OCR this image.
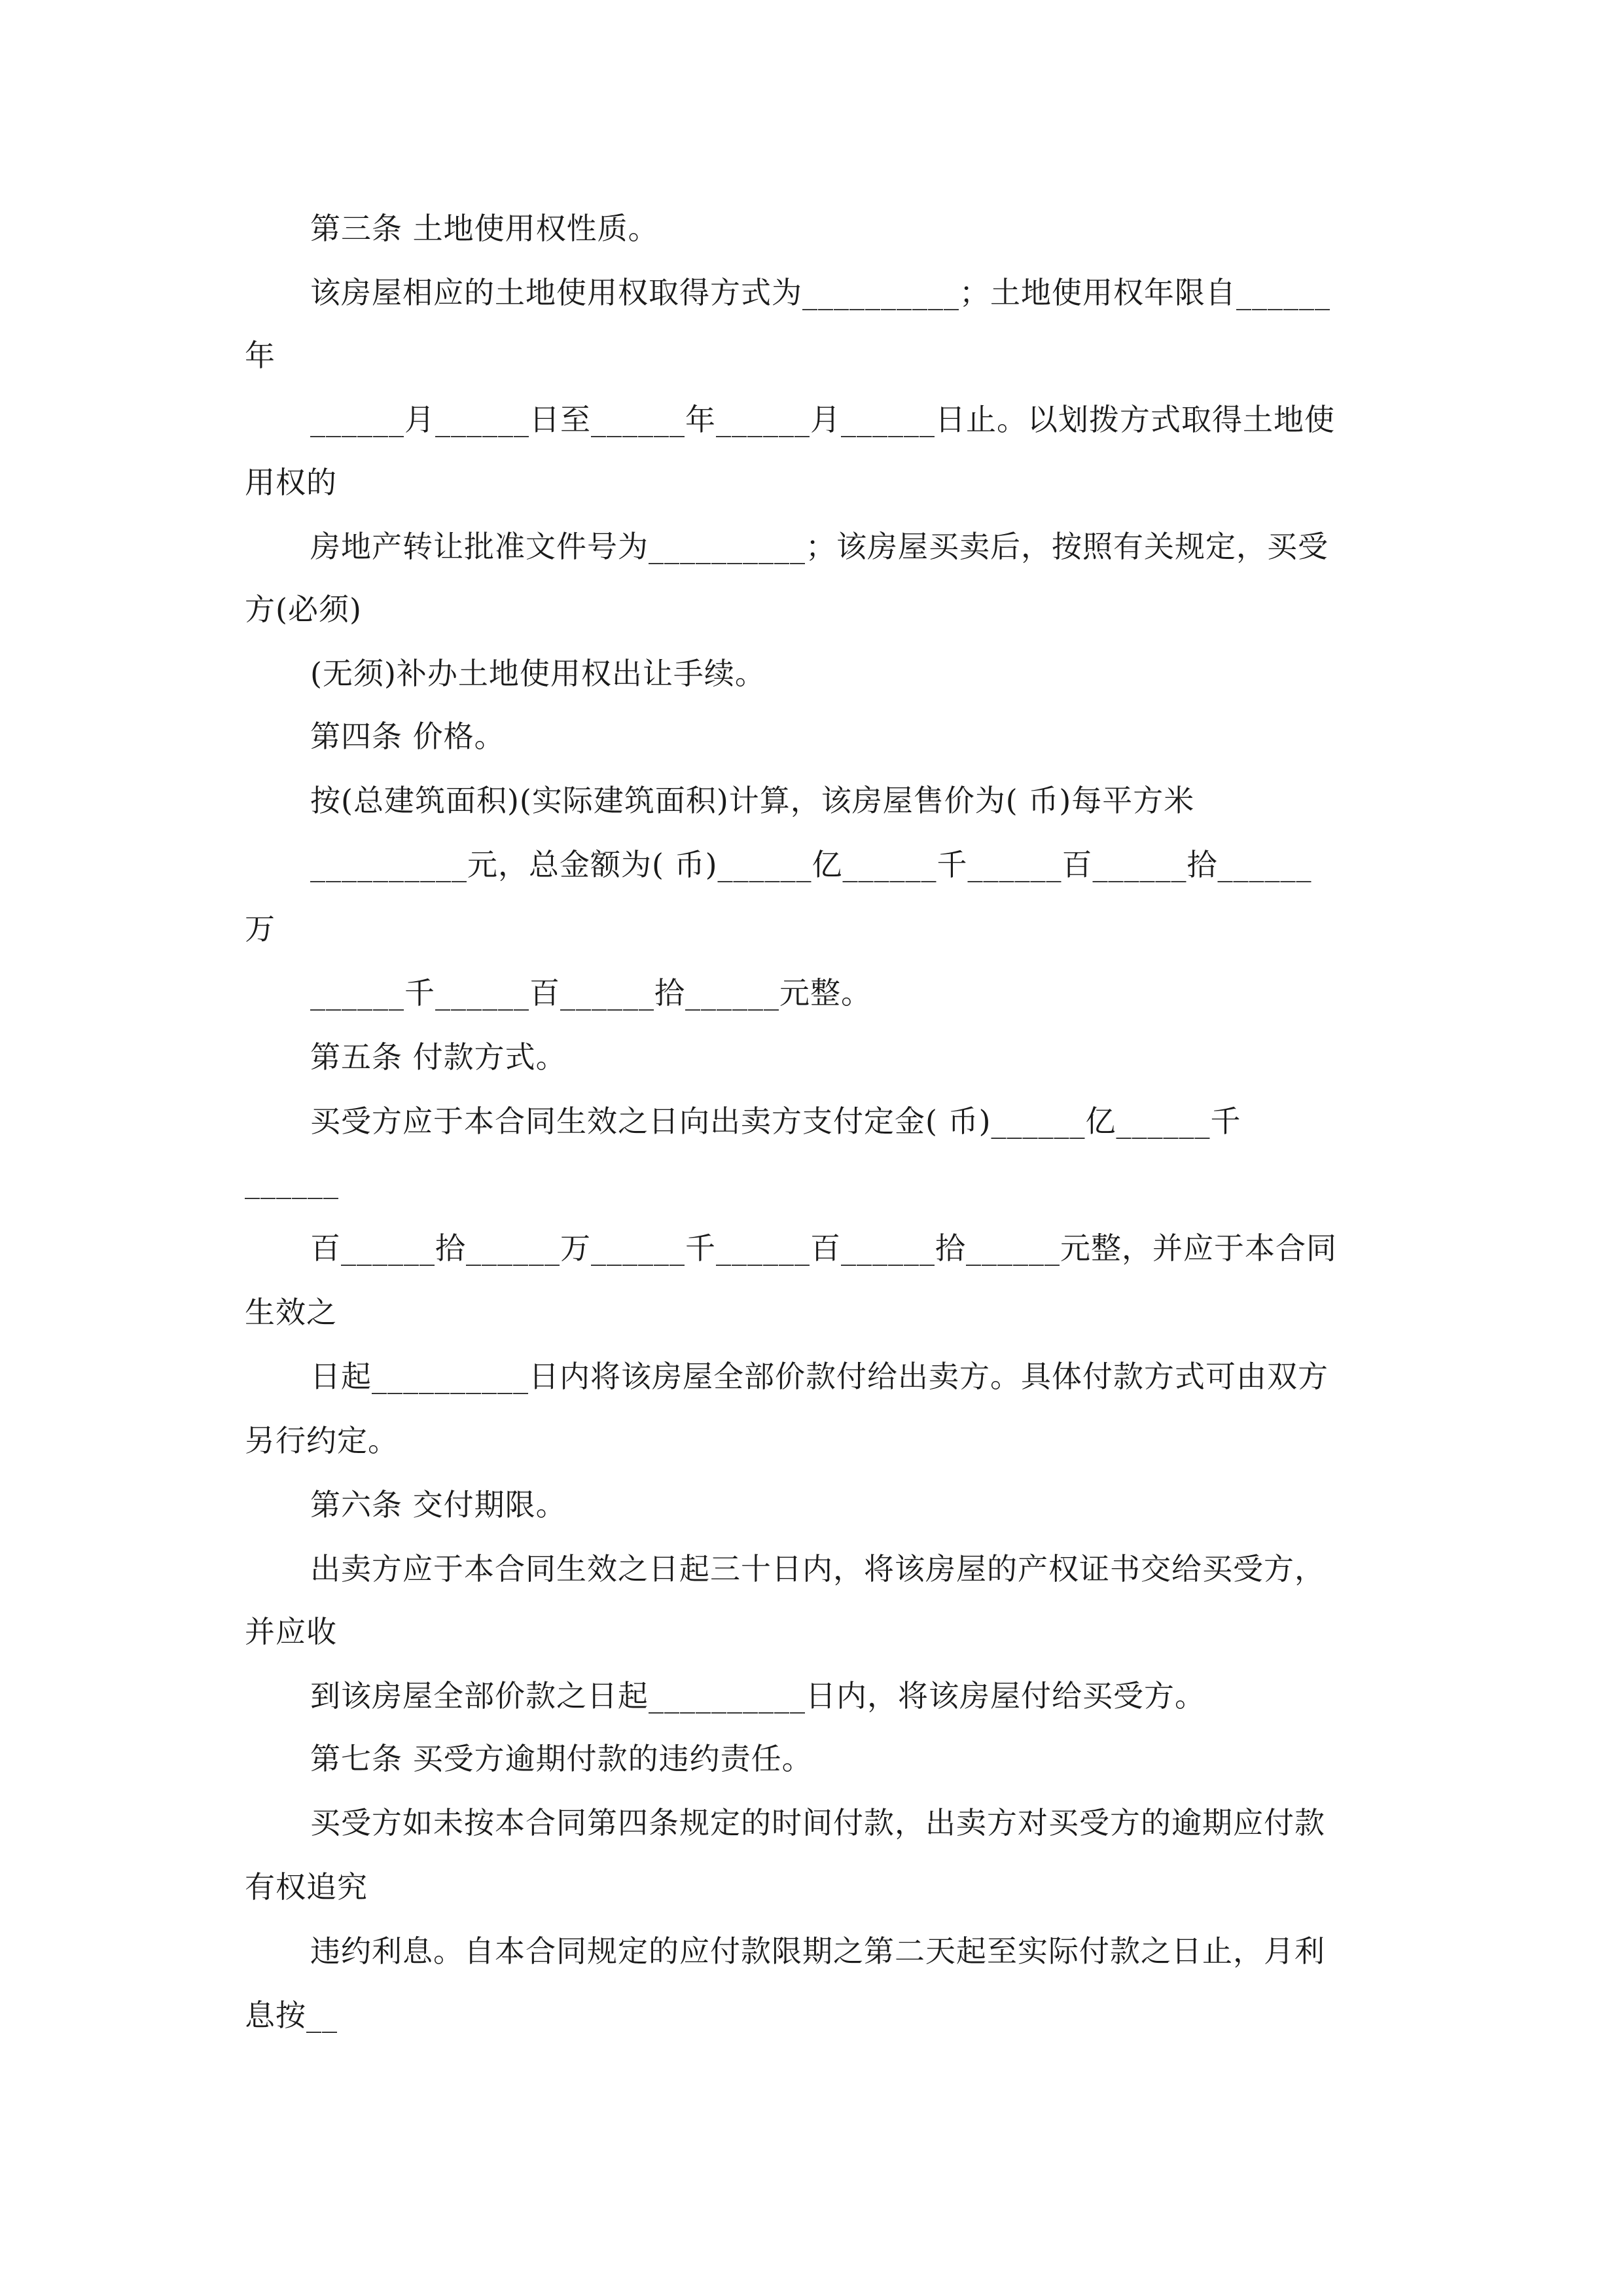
第三条 土地使用权性质。
该房屋相应的土地使用权取得方式为__________；土地使用权年限自______
年
______月______日至______年______月______日止。以划拨方式取得土地使
用权的
房地产转让批准文件号为__________；该房屋买卖后，按照有关规定，买受
方(必须)
(无须)补办土地使用权出让手续。
第四条 价格。
按(总建筑面积)(实际建筑面积)计算，该房屋售价为( 币)每平方米
__________元，总金额为( 币)______亿______千______百______拾______
万
______千______百______拾______元整。
第五条 付款方式。
买受方应于本合同生效之日向出卖方支付定金( 币)______亿______千
______
百______拾______万______千______百______拾______元整，并应于本合同
生效之
日起__________日内将该房屋全部价款付给出卖方。具体付款方式可由双方
另行约定。
第六条 交付期限。
出卖方应于本合同生效之日起三十日内，将该房屋的产权证书交给买受方，
并应收
到该房屋全部价款之日起__________日内，将该房屋付给买受方。
第七条 买受方逾期付款的违约责任。
买受方如未按本合同第四条规定的时间付款，出卖方对买受方的逾期应付款
有权追究
违约利息。自本合同规定的应付款限期之第二天起至实际付款之日止，月利
息按__
